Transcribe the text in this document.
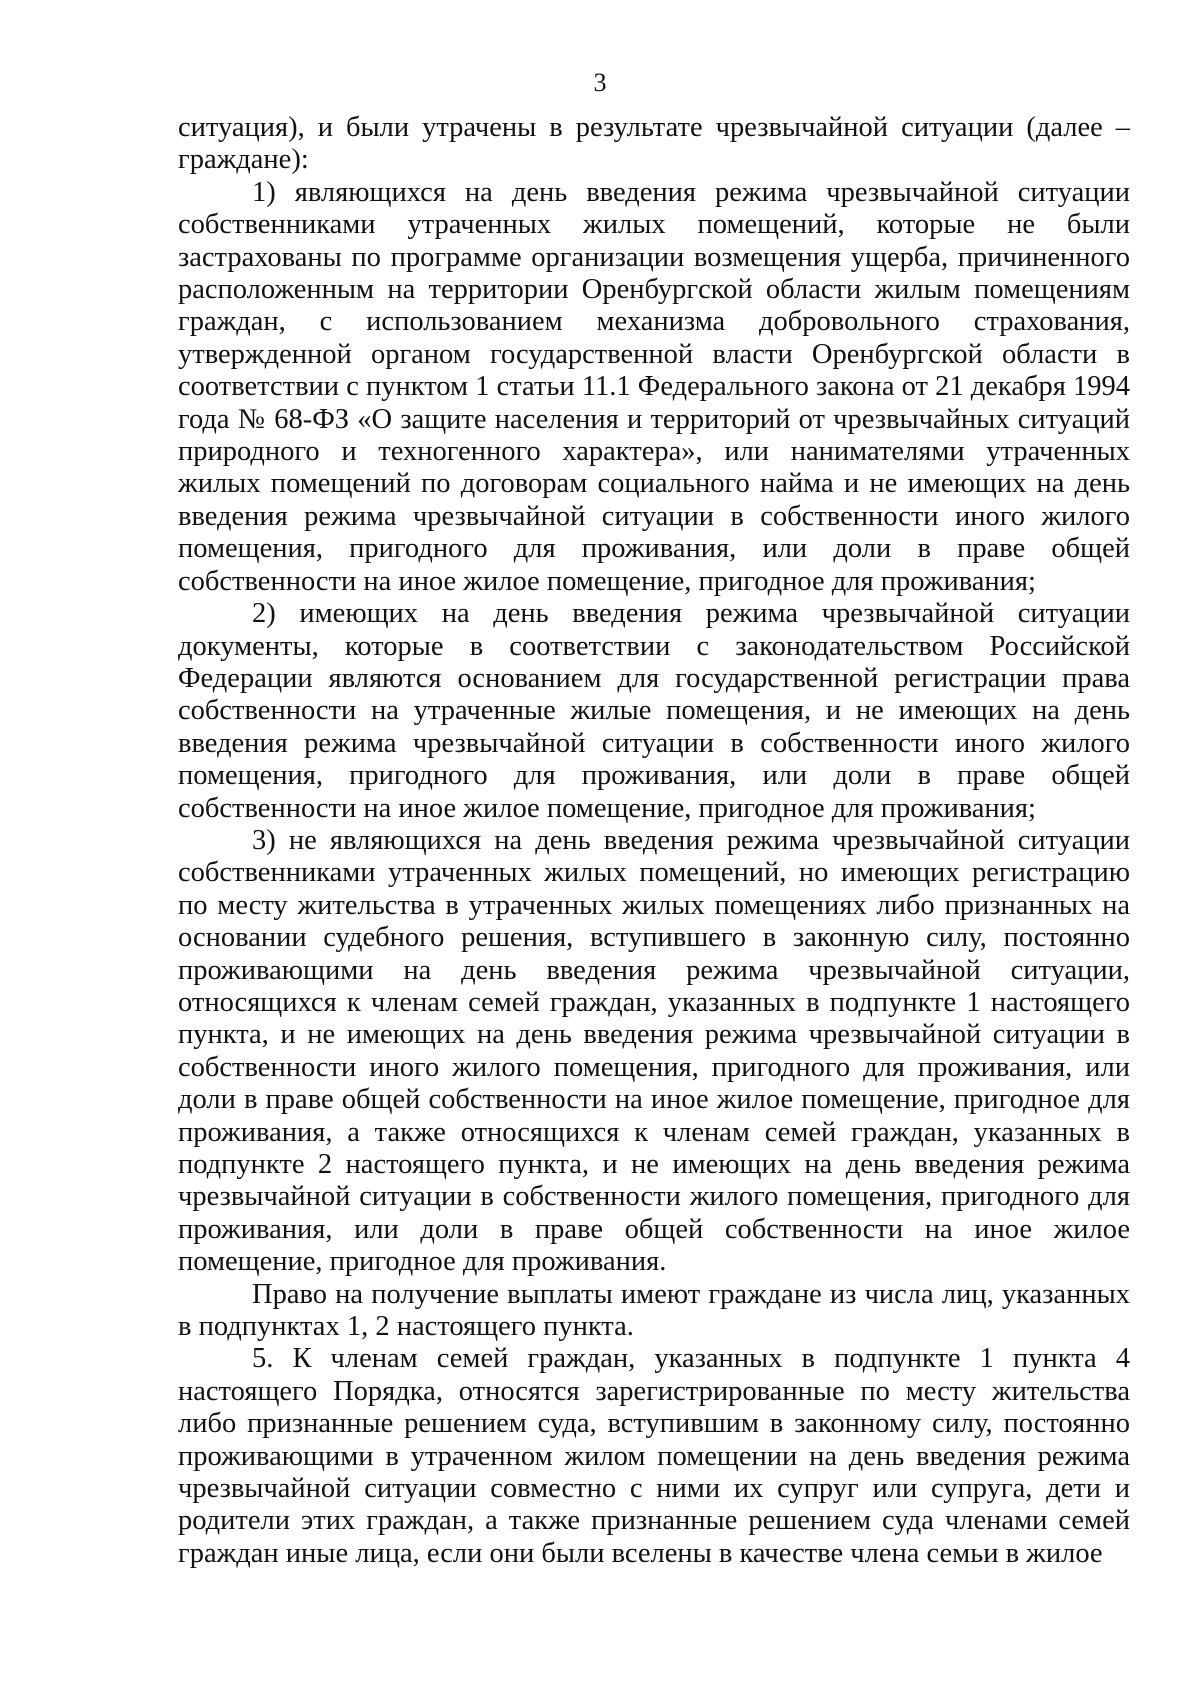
3

ситуация), и были утрачены в результате чрезвычайной ситуации (далее – граждане):

1) являющихся на день введения режима чрезвычайной ситуации собственниками утраченных жилых помещений, которые не были застрахованы по программе организации возмещения ущерба, причиненного расположенным на территории Оренбургской области жилым помещениям граждан, с использованием механизма добровольного страхования, утвержденной органом государственной власти Оренбургской области в соответствии с пунктом 1 статьи 11.1 Федерального закона от 21 декабря 1994 года № 68-ФЗ «О защите населения и территорий от чрезвычайных ситуаций природного и техногенного характера», или нанимателями утраченных жилых помещений по договорам социального найма и не имеющих на день введения режима чрезвычайной ситуации в собственности иного жилого помещения, пригодного для проживания, или доли в праве общей собственности на иное жилое помещение, пригодное для проживания;

2) имеющих на день введения режима чрезвычайной ситуации документы, которые в соответствии с законодательством Российской Федерации являются основанием для государственной регистрации права собственности на утраченные жилые помещения, и не имеющих на день введения режима чрезвычайной ситуации в собственности иного жилого помещения, пригодного для проживания, или доли в праве общей собственности на иное жилое помещение, пригодное для проживания;

3) не являющихся на день введения режима чрезвычайной ситуации собственниками утраченных жилых помещений, но имеющих регистрацию по месту жительства в утраченных жилых помещениях либо признанных на основании судебного решения, вступившего в законную силу, постоянно проживающими на день введения режима чрезвычайной ситуации, относящихся к членам семей граждан, указанных в подпункте 1 настоящего пункта, и не имеющих на день введения режима чрезвычайной ситуации в собственности иного жилого помещения, пригодного для проживания, или доли в праве общей собственности на иное жилое помещение, пригодное для проживания, а также относящихся к членам семей граждан, указанных в подпункте 2 настоящего пункта, и не имеющих на день введения режима чрезвычайной ситуации в собственности жилого помещения, пригодного для проживания, или доли в праве общей собственности на иное жилое помещение, пригодное для проживания.

Право на получение выплаты имеют граждане из числа лиц, указанных в подпунктах 1, 2 настоящего пункта.

5. К членам семей граждан, указанных в подпункте 1 пункта 4 настоящего Порядка, относятся зарегистрированные по месту жительства либо признанные решением суда, вступившим в законному силу, постоянно проживающими в утраченном жилом помещении на день введения режима чрезвычайной ситуации совместно с ними их супруг или супруга, дети и родители этих граждан, а также признанные решением суда членами семей граждан иные лица, если они были вселены в качестве члена семьи в жилое
